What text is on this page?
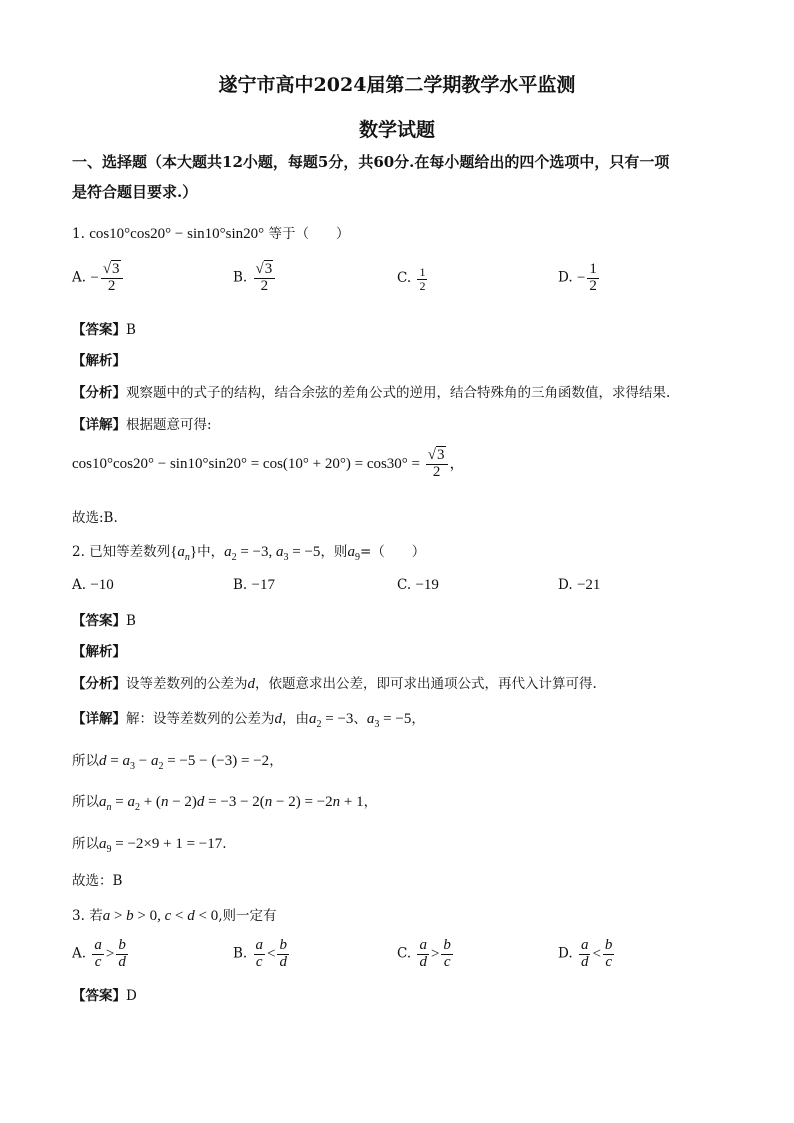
遂宁市高中2024届第二学期教学水平监测
数学试题
一、选择题（本大题共12小题，每题5分，共60分.在每小题给出的四个选项中，只有一项
是符合题目要求.）
1. cos10°cos20° − sin10°sin20° 等于（　　）
A. − $\frac{√3}{2}$	B. $\frac{√3}{2}$	C. $\frac{1}{2}$	D. − $\frac{1}{2}$
【答案】B
【解析】
【分析】观察题中的式子的结构，结合余弦的差角公式的逆用，结合特殊角的三角函数值，求得结果.
【详解】根据题意可得:
$\cos 10^\circ\cos 20^\circ - \sin 10^\circ\sin 20^\circ = \cos(10^\circ + 20^\circ) = \cos 30^\circ = \frac{√3}{2}$ ，
故选:B.
2. 已知等差数列$\{a_n\}$中，$a_2 = -3$, $a_3 = -5$，则$a_9=$（　　）
A. −10	B. −17	C. −19	D. −21
【答案】B
【解析】
【分析】设等差数列的公差为d，依题意求出公差，即可求出通项公式，再代入计算可得.
【详解】解：设等差数列的公差为d，由$a_2 = -3$、$a_3 = -5$，
所以$d = a_3 - a_2 = -5 - (-3) = -2$，
所以$a_n = a_2 + (n - 2)d = -3 - 2(n - 2) = -2n + 1$，
所以$a_9 = -2\times 9 + 1 = -17$.
故选：B
3. 若a > b > 0, c < d < 0,则一定有
A. $\frac{a}{c} > \frac{b}{d}$	B. $\frac{a}{c} < \frac{b}{d}$	C. $\frac{a}{d} > \frac{b}{c}$	D. $\frac{a}{d} < \frac{b}{c}$
【答案】D
